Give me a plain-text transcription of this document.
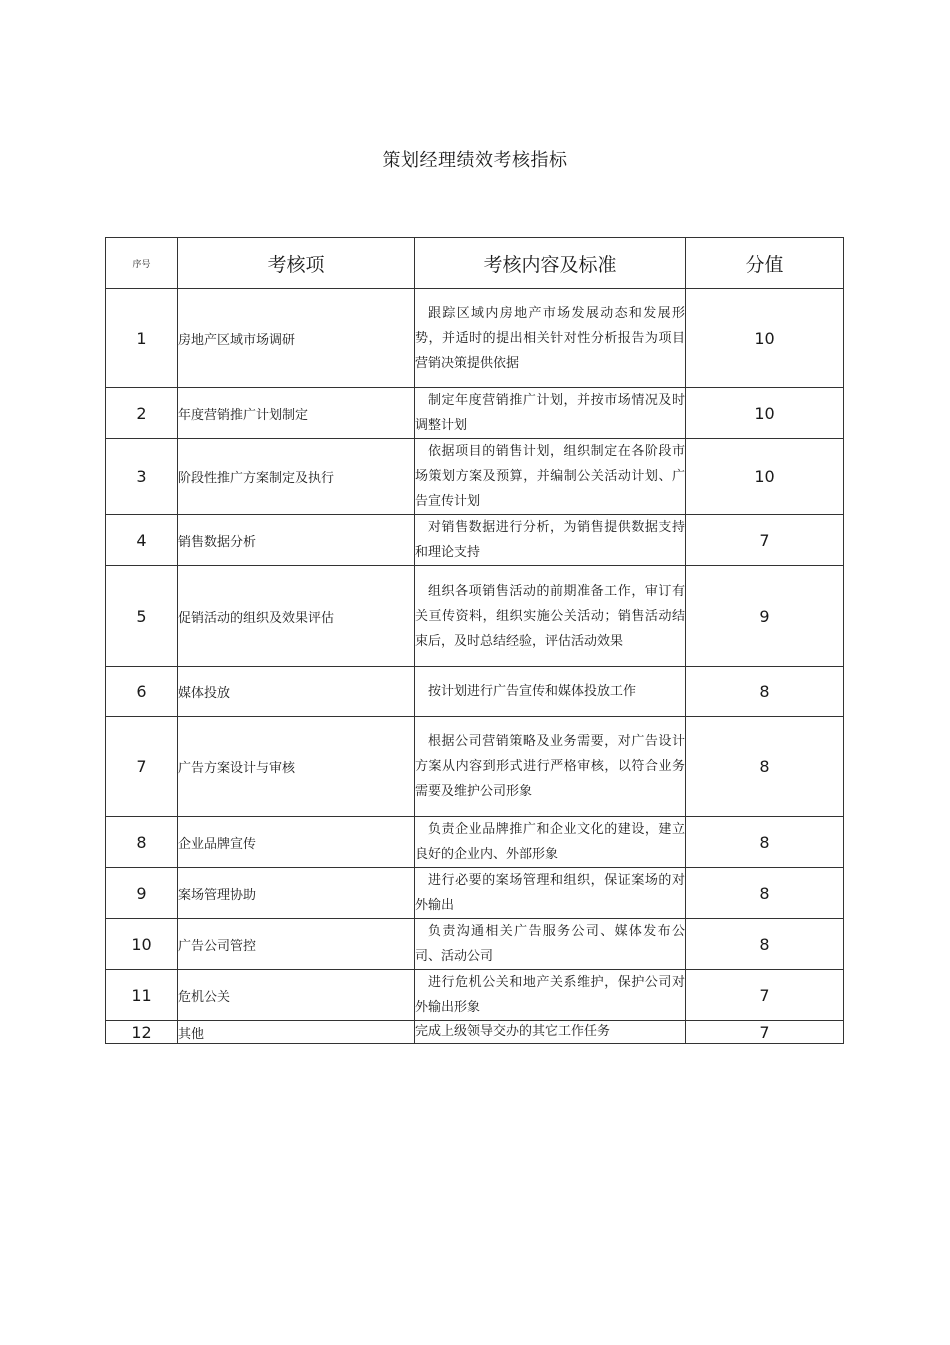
策划经理绩效考核指标
序号	考核项	考核内容及标准	分值
1	房地产区域市场调研	跟踪区域内房地产市场发展动态和发展形势，并适时的提出相关针对性分析报告为项目营销决策提供依据	10
2	年度营销推广计划制定	制定年度营销推广计划，并按市场情况及时调整计划	10
3	阶段性推广方案制定及执行	依据项目的销售计划，组织制定在各阶段市场策划方案及预算，并编制公关活动计划、广告宣传计划	10
4	销售数据分析	对销售数据进行分析，为销售提供数据支持和理论支持	7
5	促销活动的组织及效果评估	组织各项销售活动的前期准备工作，审订有关亘传资料，组织实施公关活动；销售活动结束后，及时总结经验，评估活动效果	9
6	媒体投放	按计划进行广告宣传和媒体投放工作	8
7	广告方案设计与审核	根据公司营销策略及业务需要，对广告设计方案从内容到形式进行严格审核，以符合业务需要及维护公司形象	8
8	企业品牌宣传	负责企业品牌推广和企业文化的建设，建立良好的企业内、外部形象	8
9	案场管理协助	进行必要的案场管理和组织，保证案场的对外输出	8
10	广告公司管控	负责沟通相关广告服务公司、媒体发布公司、活动公司	8
11	危机公关	进行危机公关和地产关系维护，保护公司对外输出形象	7
12	其他	完成上级领导交办的其它工作任务	7
